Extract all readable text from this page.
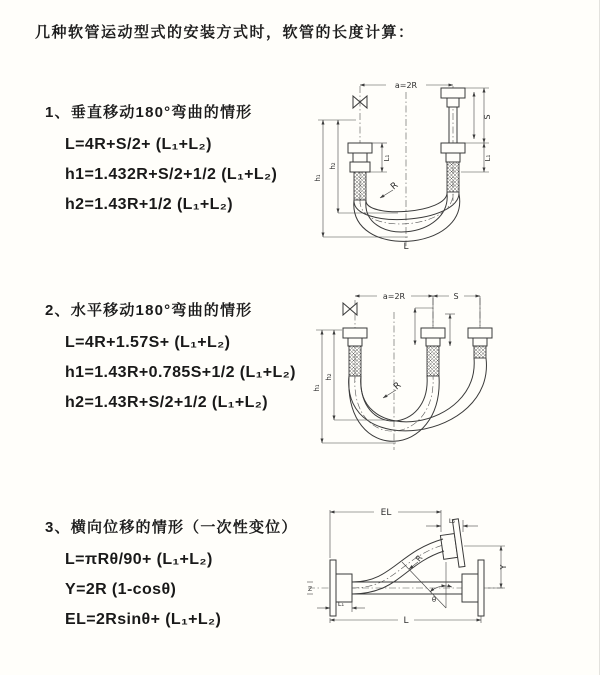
几种软管运动型式的安装方式时，软管的长度计算：

1、垂直移动180°弯曲的情形

L=4R+S/2+ (L₁+L₂)
h1=1.432R+S/2+1/2 (L₁+L₂)
h2=1.43R+1/2 (L₁+L₂)

2、水平移动180°弯曲的情形

L=4R+1.57S+ (L₁+L₂)
h1=1.43R+0.785S+1/2 (L₁+L₂)
h2=1.43R+S/2+1/2 (L₁+L₂)

3、横向位移的情形（一次性变位）

L=πRθ/90+ (L₁+L₂)
Y=2R (1-cosθ)
EL=2Rsinθ+ (L₁+L₂)
a=2R
S
L₁
L₁
h₁
h₂
R
L
a=2R	S
h₁
h₂
R
Z
EL
L₂
Y
L
L₁
R
θ
